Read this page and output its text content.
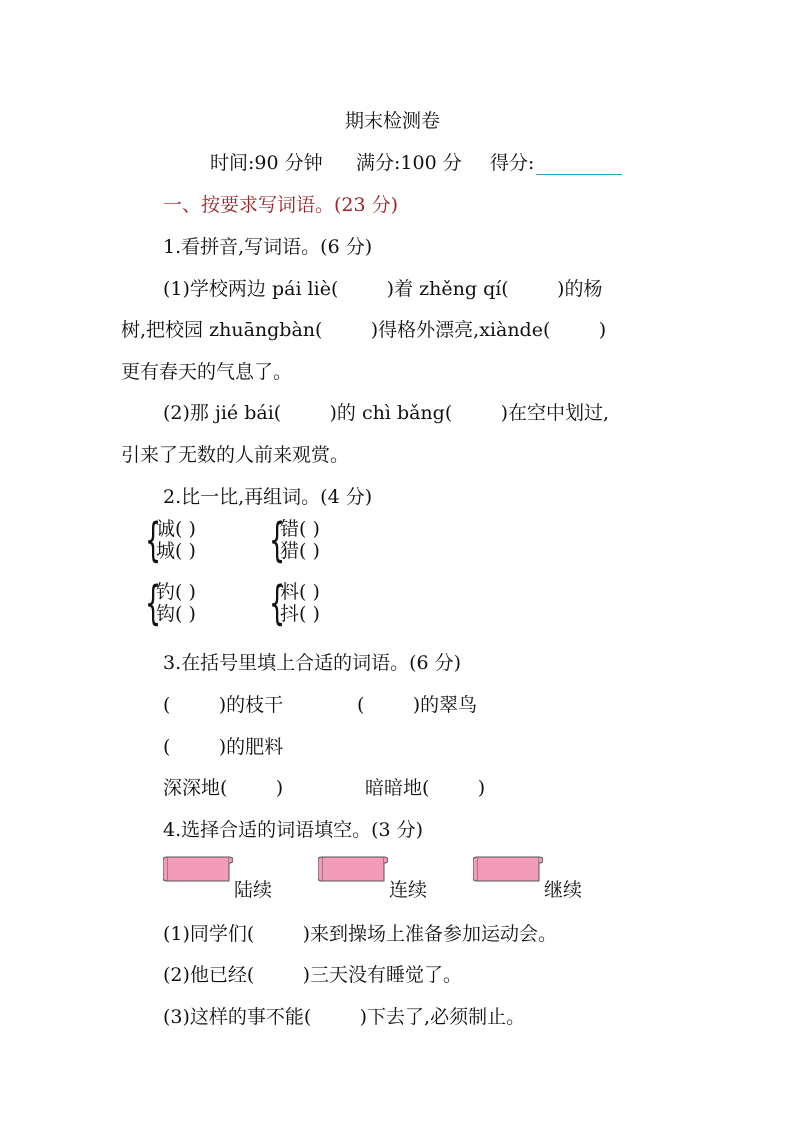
期末检测卷
时间:90 分钟 满分:100 分 得分:
一、按要求写词语。(23 分)
1.看拼音,写词语。(6 分)
(1)学校两边 pái liè(        )着 zhěng qí(        )的杨
树,把校园 zhuāngbàn(        )得格外漂亮,xiànde(        )
更有春天的气息了。
(2)那 jié bái(        )的 chì bǎng(        )在空中划过,
引来了无数的人前来观赏。
2.比一比,再组词。(4 分)
{
诚( )
城( ) {
错( )
猎( )
{
钓( )
钩( ) {
料( )
抖( )
3.在括号里填上合适的词语。(6 分)
(        )的枝干	(        )的翠鸟
(        )的肥料
深深地(        )	暗暗地(        )
4.选择合适的词语填空。(3 分)
陆续	连续	继续
(1)同学们(        )来到操场上准备参加运动会。
(2)他已经(        )三天没有睡觉了。
(3)这样的事不能(        )下去了,必须制止。
